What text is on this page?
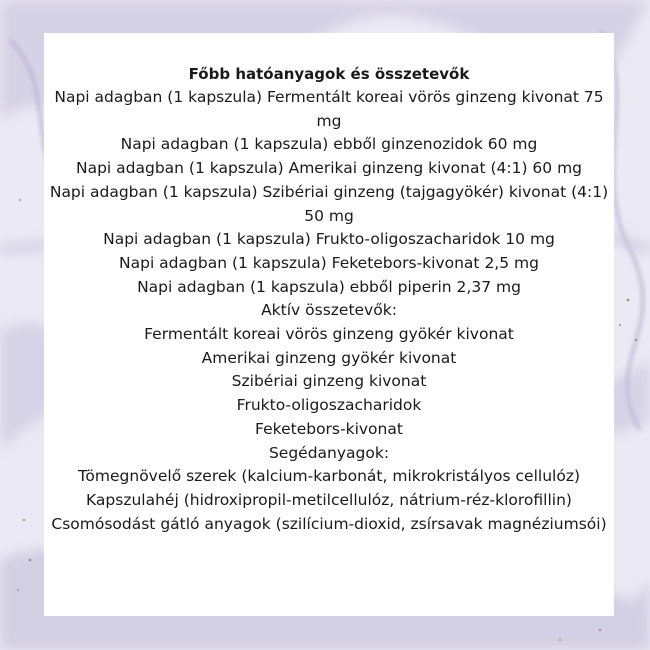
Főbb hatóanyagok és összetevők

Napi adagban (1 kapszula) Fermentált koreai vörös ginzeng kivonat 75 mg
Napi adagban (1 kapszula) ebből ginzenozidok 60 mg
Napi adagban (1 kapszula) Amerikai ginzeng kivonat (4:1) 60 mg
Napi adagban (1 kapszula) Szibériai ginzeng (tajgagyökér) kivonat (4:1) 50 mg
Napi adagban (1 kapszula) Frukto-oligoszacharidok 10 mg
Napi adagban (1 kapszula) Feketebors-kivonat 2,5 mg
Napi adagban (1 kapszula) ebből piperin 2,37 mg
Aktív összetevők:
Fermentált koreai vörös ginzeng gyökér kivonat
Amerikai ginzeng gyökér kivonat
Szibériai ginzeng kivonat
Frukto-oligoszacharidok
Feketebors-kivonat
Segédanyagok:
Tömegnövelő szerek (kalcium-karbonát, mikrokristályos cellulóz)
Kapszulahéj (hidroxipropil-metilcellulóz, nátrium-réz-klorofillin)
Csomósodást gátló anyagok (szilícium-dioxid, zsírsavak magnéziumsói)
